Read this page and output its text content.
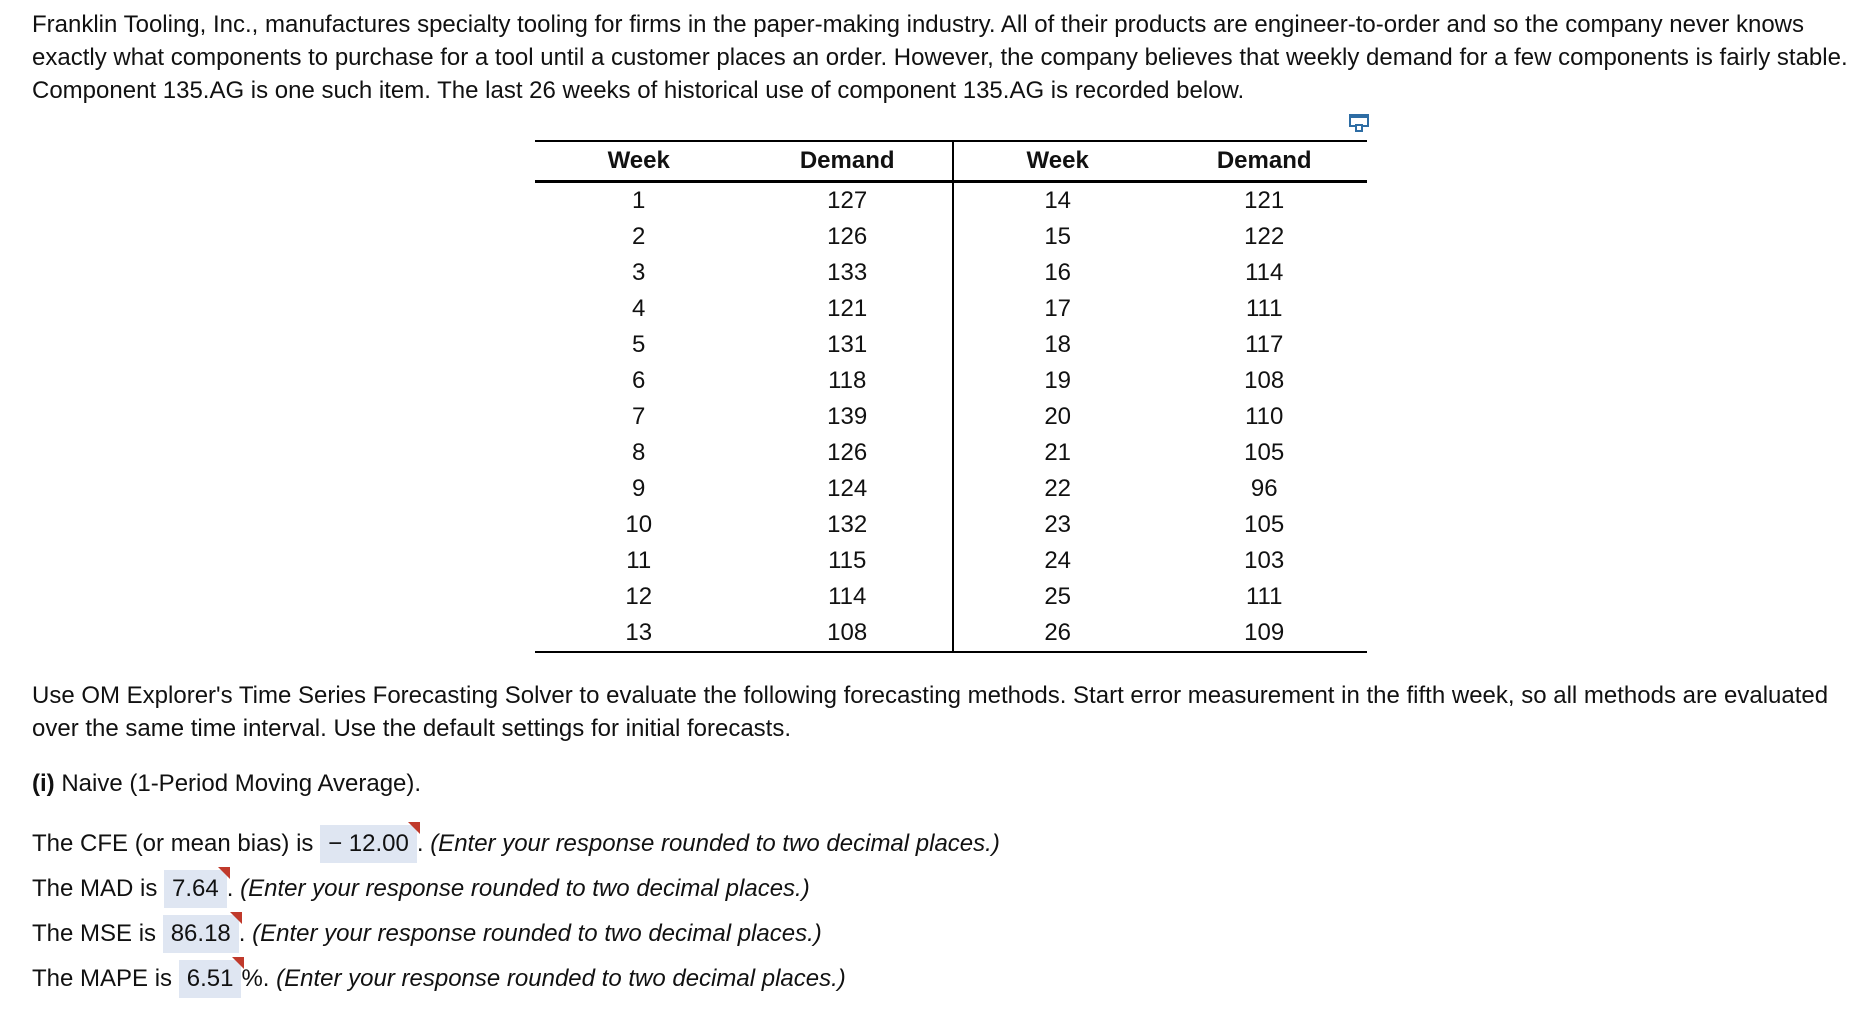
Franklin Tooling, Inc., manufactures specialty tooling for firms in the paper-making industry. All of their products are engineer-to-order and so the company never knows exactly what components to purchase for a tool until a customer places an order. However, the company believes that weekly demand for a few components is fairly stable. Component 135.AG is one such item. The last 26 weeks of historical use of component 135.AG is recorded below.

Week	Demand	Week	Demand
1	127	14	121
2	126	15	122
3	133	16	114
4	121	17	111
5	131	18	117
6	118	19	108
7	139	20	110
8	126	21	105
9	124	22	96
10	132	23	105
11	115	24	103
12	114	25	111
13	108	26	109

Use OM Explorer's Time Series Forecasting Solver to evaluate the following forecasting methods. Start error measurement in the fifth week, so all methods are evaluated over the same time interval. Use the default settings for initial forecasts.

(i) Naive (1-Period Moving Average).

The CFE (or mean bias) is − 12.00 . (Enter your response rounded to two decimal places.)
The MAD is 7.64 . (Enter your response rounded to two decimal places.)
The MSE is 86.18 . (Enter your response rounded to two decimal places.)
The MAPE is 6.51 %. (Enter your response rounded to two decimal places.)
